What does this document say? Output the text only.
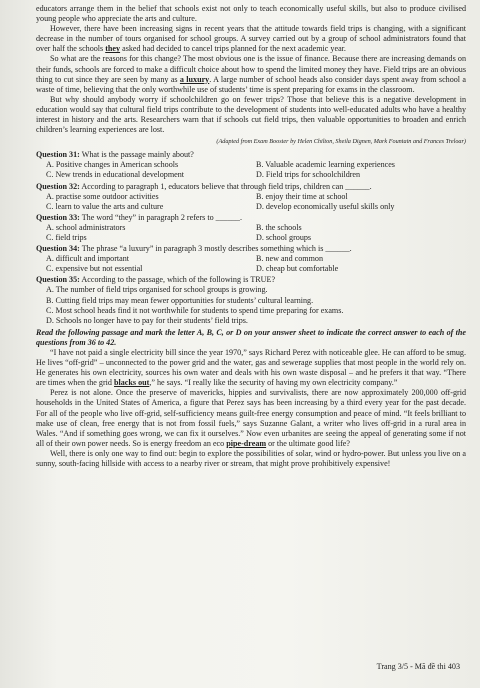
educators arrange them in the belief that schools exist not only to teach economically useful skills, but also to produce civilised young people who appreciate the arts and culture.

However, there have been increasing signs in recent years that the attitude towards field trips is changing, with a significant decrease in the number of tours organised for school groups. A survey carried out by a group of school administrators found that over half the schools they asked had decided to cancel trips planned for the next academic year.

So what are the reasons for this change? The most obvious one is the issue of finance. Because there are increasing demands on their funds, schools are forced to make a difficult choice about how to spend the limited money they have. Field trips are an obvious thing to cut since they are seen by many as a luxury. A large number of school heads also consider days spent away from school a waste of time, believing that the only worthwhile use of students’ time is spent preparing for exams in the classroom.

But why should anybody worry if schoolchildren go on fewer trips? Those that believe this is a negative development in education would say that cultural field trips contribute to the development of students into well-educated adults who have a healthy interest in history and the arts. Researchers warn that if schools cut field trips, then valuable opportunities to broaden and enrich children’s learning experiences are lost.

(Adapted from Exam Booster by Helen Chilton, Sheila Dignen, Mark Fountain and Frances Treloar)

Question 31: What is the passage mainly about?
A. Positive changes in American schools	B. Valuable academic learning experiences
C. New trends in educational development	D. Field trips for schoolchildren
Question 32: According to paragraph 1, educators believe that through field trips, children can ______.
A. practise some outdoor activities	B. enjoy their time at school
C. learn to value the arts and culture	D. develop economically useful skills only
Question 33: The word “they” in paragraph 2 refers to ______.
A. school administrators	B. the schools
C. field trips	D. school groups
Question 34: The phrase “a luxury” in paragraph 3 mostly describes something which is ______.
A. difficult and important	B. new and common
C. expensive but not essential	D. cheap but comfortable
Question 35: According to the passage, which of the following is TRUE?
A. The number of field trips organised for school groups is growing.
B. Cutting field trips may mean fewer opportunities for students’ cultural learning.
C. Most school heads find it not worthwhile for students to spend time preparing for exams.
D. Schools no longer have to pay for their students’ field trips.

Read the following passage and mark the letter A, B, C, or D on your answer sheet to indicate the correct answer to each of the questions from 36 to 42.

“I have not paid a single electricity bill since the year 1970,” says Richard Perez with noticeable glee. He can afford to be smug. He lives “off-grid” – unconnected to the power grid and the water, gas and sewerage supplies that most people in the world rely on. He generates his own electricity, sources his own water and deals with his own waste disposal – and he prefers it that way. “There are times when the grid blacks out,” he says. “I really like the security of having my own electricity company.”

Perez is not alone. Once the preserve of mavericks, hippies and survivalists, there are now approximately 200,000 off-grid households in the United States of America, a figure that Perez says has been increasing by a third every year for the past decade. For all of the people who live off-grid, self-sufficiency means guilt-free energy consumption and peace of mind. “It feels brilliant to make use of clean, free energy that is not from fossil fuels,” says Suzanne Galant, a writer who lives off-grid in a rural area in Wales. “And if something goes wrong, we can fix it ourselves.” Now even urbanites are seeing the appeal of generating some if not all of their own power needs. So is energy freedom an eco pipe-dream or the ultimate good life?

Well, there is only one way to find out: begin to explore the possibilities of solar, wind or hydro-power. But unless you live on a sunny, south-facing hillside with access to a nearby river or stream, that might prove prohibitively expensive!

Trang 3/5 - Mã đề thi 403
